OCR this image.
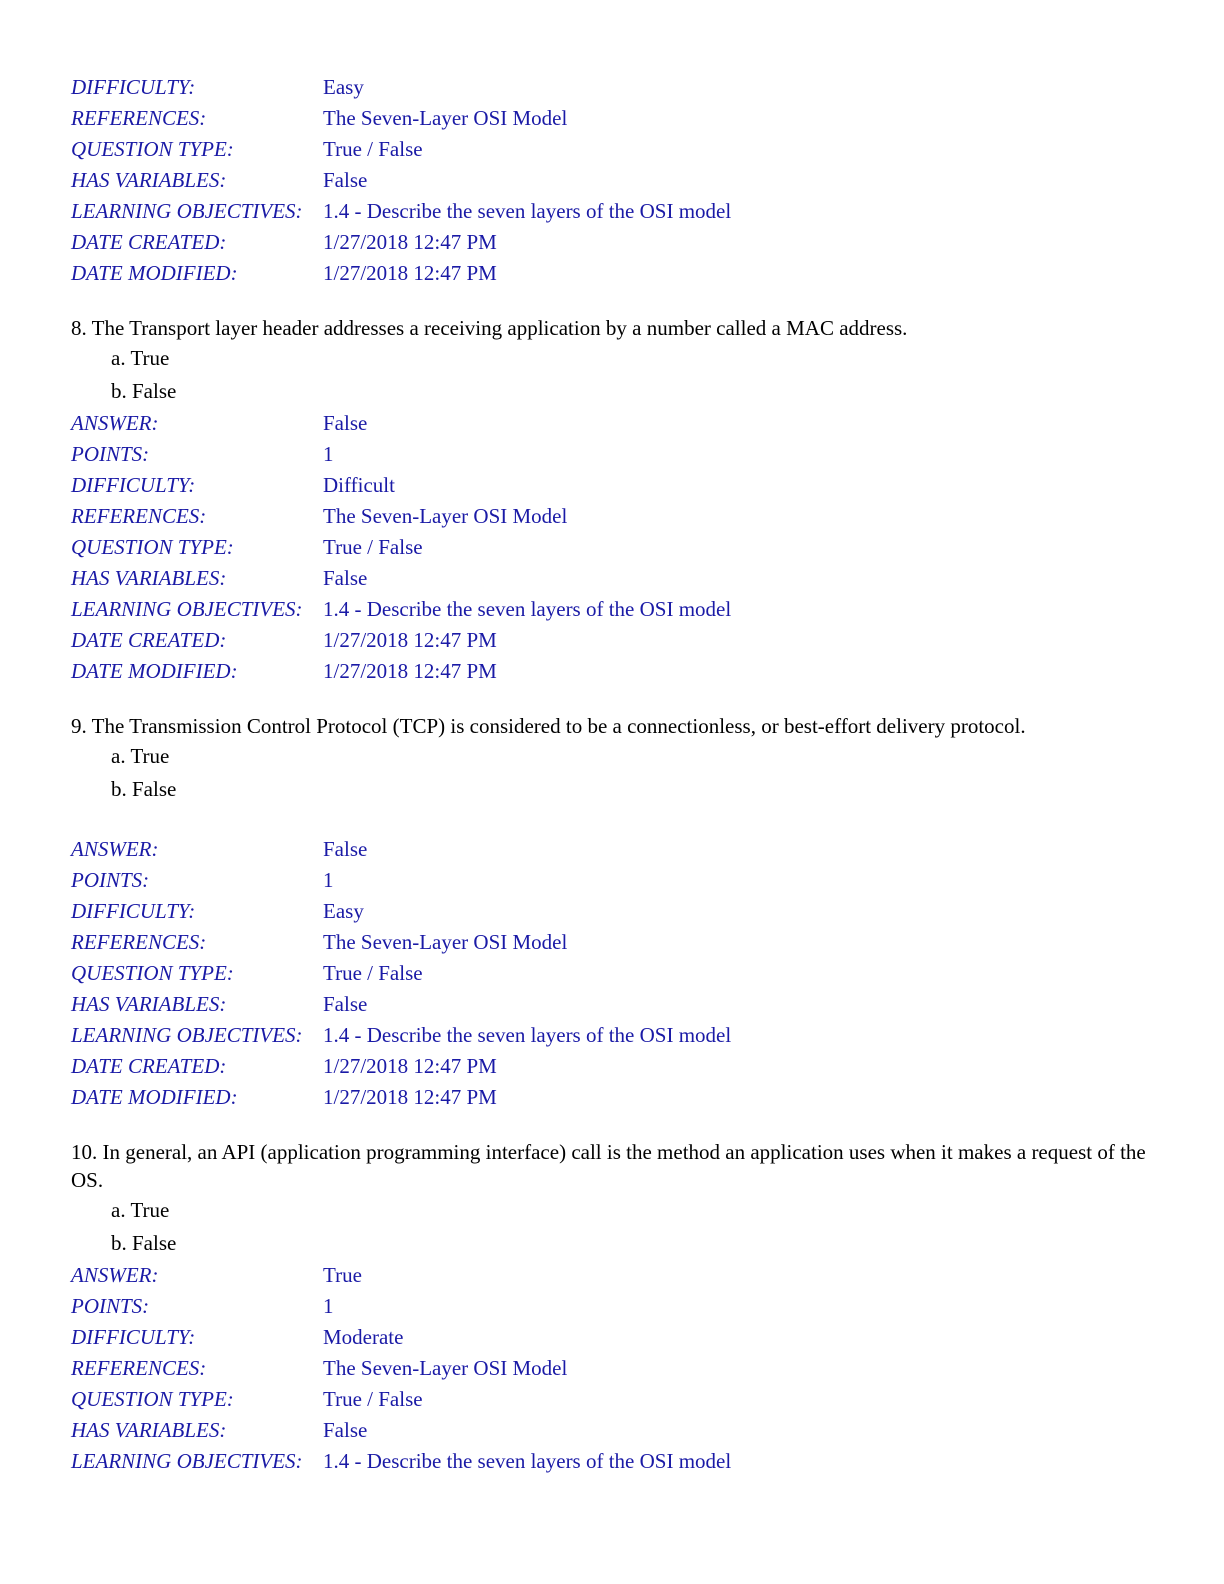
DIFFICULTY:	Easy
REFERENCES:	The Seven-Layer OSI Model
QUESTION TYPE:	True / False
HAS VARIABLES:	False
LEARNING OBJECTIVES: 1.4 - Describe the seven layers of the OSI model
DATE CREATED:	1/27/2018 12:47 PM
DATE MODIFIED:	1/27/2018 12:47 PM

8. The Transport layer header addresses a receiving application by a number called a MAC address.

a. True
b. False
ANSWER:	False
POINTS:	1
DIFFICULTY:	Difficult
REFERENCES:	The Seven-Layer OSI Model
QUESTION TYPE:	True / False
HAS VARIABLES:	False
LEARNING OBJECTIVES: 1.4 - Describe the seven layers of the OSI model
DATE CREATED:	1/27/2018 12:47 PM
DATE MODIFIED:	1/27/2018 12:47 PM

9. The Transmission Control Protocol (TCP) is considered to be a connectionless, or best-effort delivery protocol.

a. True
b. False
ANSWER:	False
POINTS:	1
DIFFICULTY:	Easy
REFERENCES:	The Seven-Layer OSI Model
QUESTION TYPE:	True / False
HAS VARIABLES:	False
LEARNING OBJECTIVES: 1.4 - Describe the seven layers of the OSI model
DATE CREATED:	1/27/2018 12:47 PM
DATE MODIFIED:	1/27/2018 12:47 PM

10. In general, an API (application programming interface) call is the method an application uses when it makes a request of the OS.

a. True
b. False
ANSWER:	True
POINTS:	1
DIFFICULTY:	Moderate
REFERENCES:	The Seven-Layer OSI Model
QUESTION TYPE:	True / False
HAS VARIABLES:	False
LEARNING OBJECTIVES: 1.4 - Describe the seven layers of the OSI model
